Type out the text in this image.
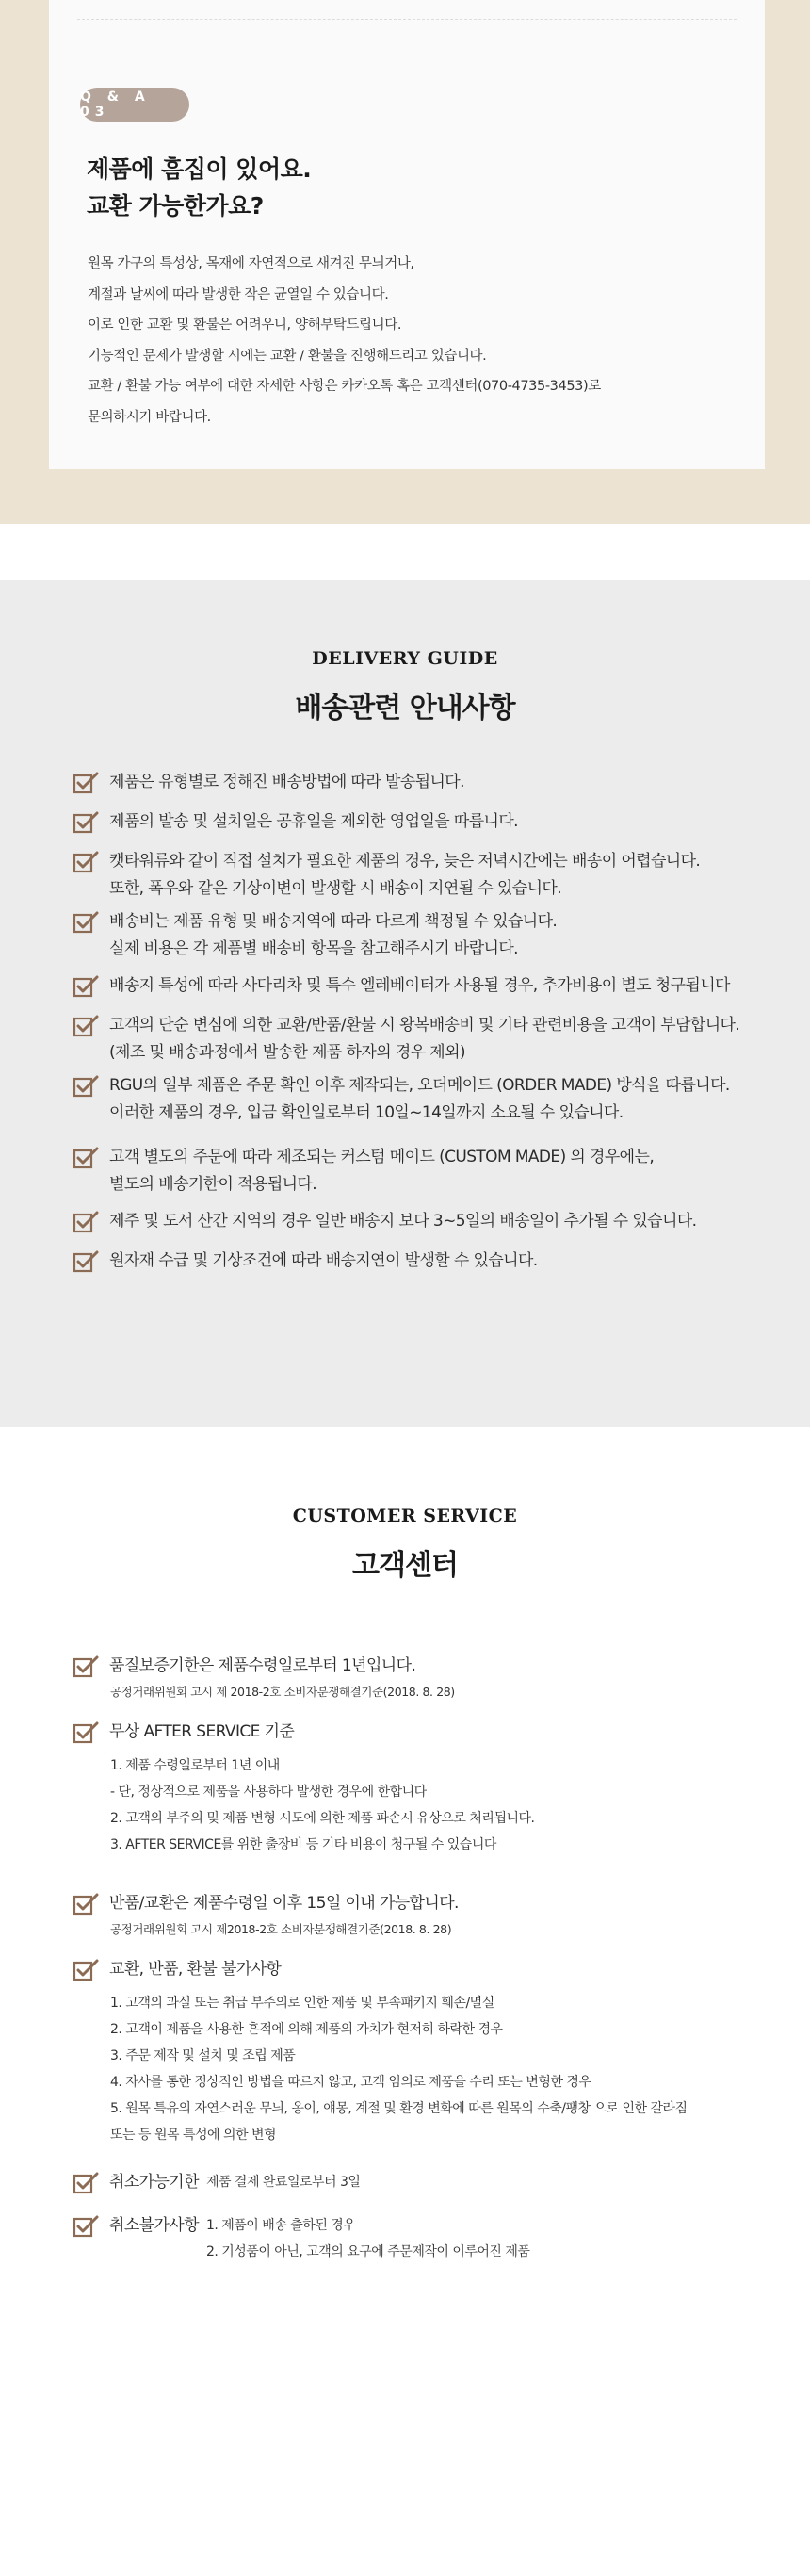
Q & A 03
제품에 흠집이 있어요.
교환 가능한가요?

원목 가구의 특성상, 목재에 자연적으로 새겨진 무늬거나,

계절과 날씨에 따라 발생한 작은 균열일 수 있습니다.

이로 인한 교환 및 환불은 어려우니, 양해부탁드립니다.

기능적인 문제가 발생할 시에는 교환 / 환불을 진행해드리고 있습니다.

교환 / 환불 가능 여부에 대한 자세한 사항은 카카오톡 혹은 고객센터(070-4735-3453)로

문의하시기 바랍니다.

DELIVERY GUIDE
배송관련 안내사항
제품은 유형별로 정해진 배송방법에 따라 발송됩니다.
제품의 발송 및 설치일은 공휴일을 제외한 영업일을 따릅니다.
캣타워류와 같이 직접 설치가 필요한 제품의 경우, 늦은 저녁시간에는 배송이 어렵습니다.
또한, 폭우와 같은 기상이변이 발생할 시 배송이 지연될 수 있습니다.
배송비는 제품 유형 및 배송지역에 따라 다르게 책정될 수 있습니다.
실제 비용은 각 제품별 배송비 항목을 참고해주시기 바랍니다.
배송지 특성에 따라 사다리차 및 특수 엘레베이터가 사용될 경우, 추가비용이 별도 청구됩니다
고객의 단순 변심에 의한 교환/반품/환불 시 왕복배송비 및 기타 관련비용을 고객이 부담합니다.
(제조 및 배송과정에서 발송한 제품 하자의 경우 제외)
RGU의 일부 제품은 주문 확인 이후 제작되는, 오더메이드 (ORDER MADE) 방식을 따릅니다.
이러한 제품의 경우, 입금 확인일로부터 10일~14일까지 소요될 수 있습니다.
고객 별도의 주문에 따라 제조되는 커스텀 메이드 (CUSTOM MADE) 의 경우에는,
별도의 배송기한이 적용됩니다.
제주 및 도서 산간 지역의 경우 일반 배송지 보다 3~5일의 배송일이 추가될 수 있습니다.
원자재 수급 및 기상조건에 따라 배송지연이 발생할 수 있습니다.
CUSTOMER SERVICE
고객센터
품질보증기한은 제품수령일로부터 1년입니다.
공정거래위원회 고시 제 2018-2호 소비자분쟁해결기준(2018. 8. 28)
무상 AFTER SERVICE 기준

1. 제품 수령일로부터 1년 이내

- 단, 정상적으로 제품을 사용하다 발생한 경우에 한합니다

2. 고객의 부주의 및 제품 변형 시도에 의한 제품 파손시 유상으로 처리됩니다.

3. AFTER SERVICE를 위한 출장비 등 기타 비용이 청구될 수 있습니다

반품/교환은 제품수령일 이후 15일 이내 가능합니다.
공정거래위원회 고시 제2018-2호 소비자분쟁해결기준(2018. 8. 28)
교환, 반품, 환불 불가사항

1. 고객의 과실 또는 취급 부주의로 인한 제품 및 부속패키지 훼손/멸실

2. 고객이 제품을 사용한 흔적에 의해 제품의 가치가 현저히 하락한 경우

3. 주문 제작 및 설치 및 조립 제품

4. 자사를 통한 정상적인 방법을 따르지 않고, 고객 임의로 제품을 수리 또는 변형한 경우

5. 원목 특유의 자연스러운 무늬, 옹이, 얘몽, 계절 및 환경 변화에 따른 원목의 수축/팽창 으로 인한 갈라짐

또는 등 원목 특성에 의한 변형

취소가능기한 제품 결제 완료일로부터 3일
취소불가사항 1. 제품이 배송 출하된 경우

2. 기성품이 아닌, 고객의 요구에 주문제작이 이루어진 제품
